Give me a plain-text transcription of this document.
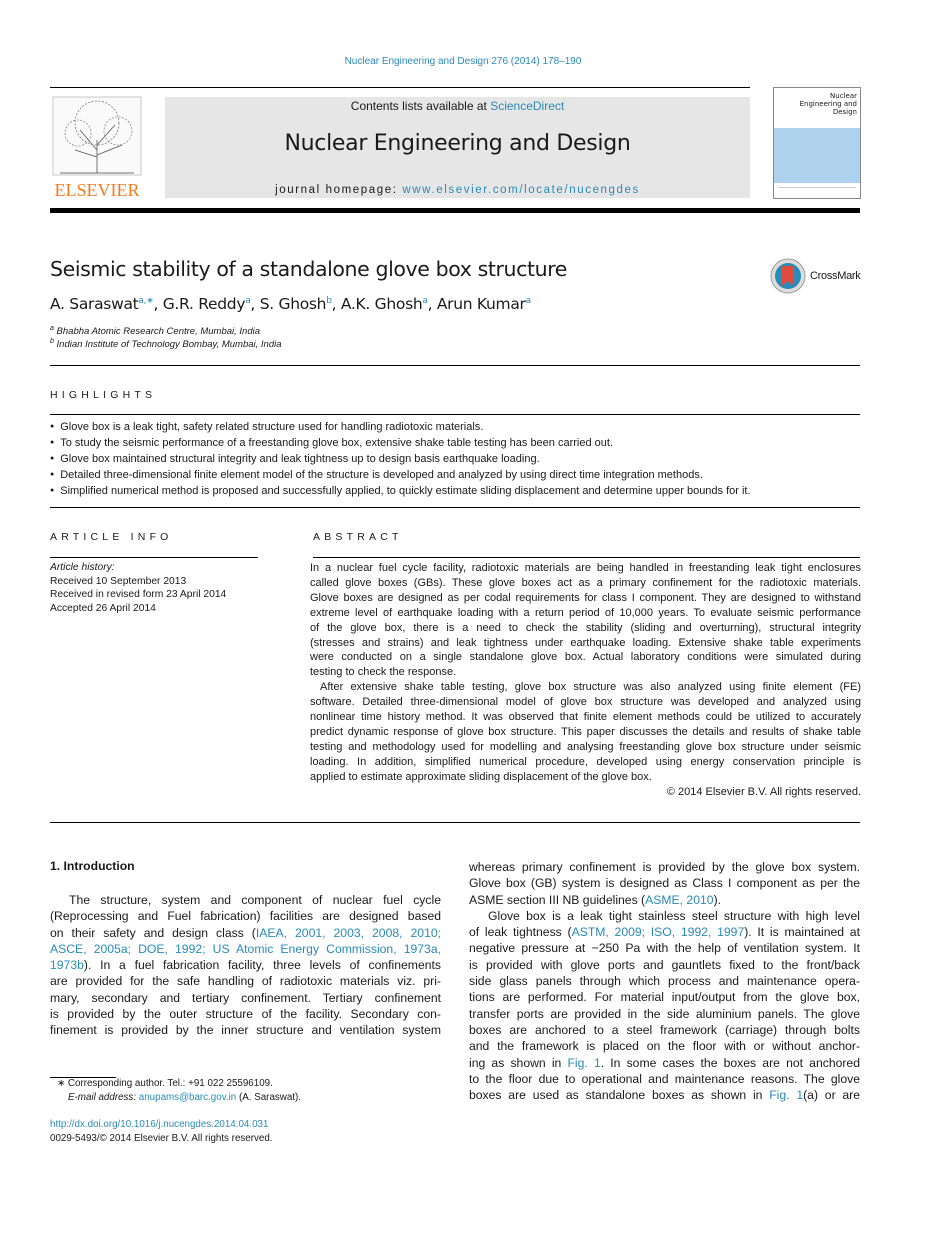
Nuclear Engineering and Design 276 (2014) 178–190
ELSEVIER
Contents lists available at ScienceDirect
Nuclear Engineering and Design
journal homepage: www.elsevier.com/locate/nucengdes
Nuclear Engineering and Design
Seismic stability of a standalone glove box structure	CrossMark
A. Saraswat$^{a,∗}$, G.R. Reddy$^a$, S. Ghosh$^b$, A.K. Ghosh$^a$, Arun Kumar$^a$
$^a$ Bhabha Atomic Research Centre, Mumbai, India
$^b$ Indian Institute of Technology Bombay, Mumbai, India
HIGHLIGHTS
● Glove box is a leak tight, safety related structure used for handling radiotoxic materials.
● To study the seismic performance of a freestanding glove box, extensive shake table testing has been carried out.
● Glove box maintained structural integrity and leak tightness up to design basis earthquake loading.
● Detailed three-dimensional finite element model of the structure is developed and analyzed by using direct time integration methods.
● Simplified numerical method is proposed and successfully applied, to quickly estimate sliding displacement and determine upper bounds for it.
ARTICLE INFO
Article history:
Received 10 September 2013
Received in revised form 23 April 2014
Accepted 26 April 2014
ABSTRACT
In a nuclear fuel cycle facility, radiotoxic materials are being handled in freestanding leak tight enclosures
called glove boxes (GBs). These glove boxes act as a primary confinement for the radiotoxic materials.
Glove boxes are designed as per codal requirements for class I component. They are designed to withstand
extreme level of earthquake loading with a return period of 10,000 years. To evaluate seismic performance
of the glove box, there is a need to check the stability (sliding and overturning), structural integrity
(stresses and strains) and leak tightness under earthquake loading. Extensive shake table experiments
were conducted on a single standalone glove box. Actual laboratory conditions were simulated during
testing to check the response.
After extensive shake table testing, glove box structure was also analyzed using finite element (FE)
software. Detailed three-dimensional model of glove box structure was developed and analyzed using
nonlinear time history method. It was observed that finite element methods could be utilized to accurately
predict dynamic response of glove box structure. This paper discusses the details and results of shake table
testing and methodology used for modelling and analysing freestanding glove box structure under seismic
loading. In addition, simplified numerical procedure, developed using energy conservation principle is
applied to estimate approximate sliding displacement of the glove box.
© 2014 Elsevier B.V. All rights reserved.
1. Introduction
The structure, system and component of nuclear fuel cycle
(Reprocessing and Fuel fabrication) facilities are designed based
on their safety and design class (IAEA, 2001, 2003, 2008, 2010;
ASCE, 2005a; DOE, 1992; US Atomic Energy Commission, 1973a,
1973b). In a fuel fabrication facility, three levels of confinements
are provided for the safe handling of radiotoxic materials viz. pri-
mary, secondary and tertiary confinement. Tertiary confinement
is provided by the outer structure of the facility. Secondary con-
finement is provided by the inner structure and ventilation system
whereas primary confinement is provided by the glove box system.
Glove box (GB) system is designed as Class I component as per the
ASME section III NB guidelines (ASME, 2010).
Glove box is a leak tight stainless steel structure with high level
of leak tightness (ASTM, 2009; ISO, 1992, 1997). It is maintained at
negative pressure at −250 Pa with the help of ventilation system. It
is provided with glove ports and gauntlets fixed to the front/back
side glass panels through which process and maintenance opera-
tions are performed. For material input/output from the glove box,
transfer ports are provided in the side aluminium panels. The glove
boxes are anchored to a steel framework (carriage) through bolts
and the framework is placed on the floor with or without anchor-
ing as shown in Fig. 1. In some cases the boxes are not anchored
to the floor due to operational and maintenance reasons. The glove
boxes are used as standalone boxes as shown in Fig. 1(a) or are
∗ Corresponding author. Tel.: +91 022 25596109.
E-mail address: anupams@barc.gov.in (A. Saraswat).
http://dx.doi.org/10.1016/j.nucengdes.2014.04.031
0029-5493/© 2014 Elsevier B.V. All rights reserved.
